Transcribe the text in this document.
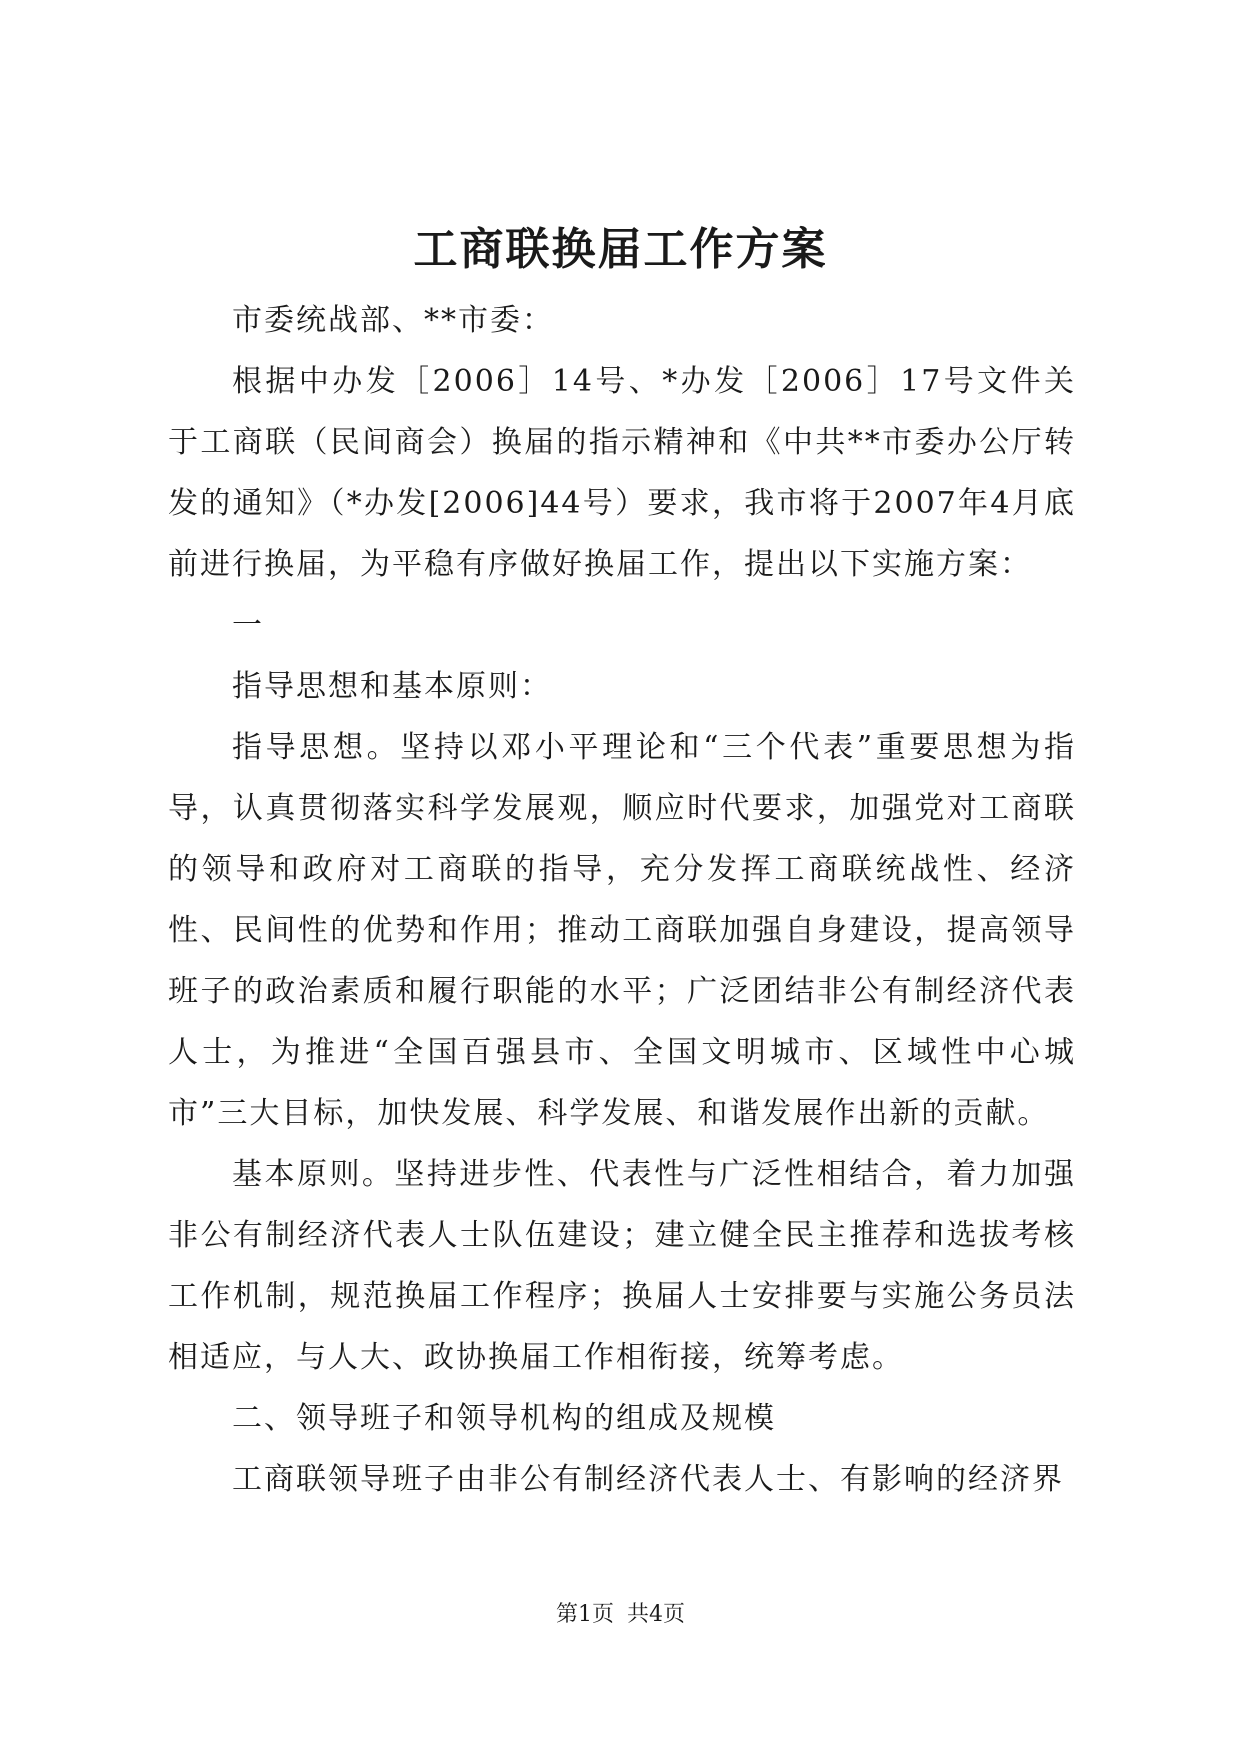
工商联换届工作方案

市委统战部、**市委：

根据中办发［2006］14号、*办发［2006］17号文件关于工商联（民间商会）换届的指示精神和《中共**市委办公厅转发的通知》（*办发[2006]44号）要求，我市将于2007年4月底前进行换届，为平稳有序做好换届工作，提出以下实施方案：

一

指导思想和基本原则：

指导思想。坚持以邓小平理论和“三个代表”重要思想为指导，认真贯彻落实科学发展观，顺应时代要求，加强党对工商联的领导和政府对工商联的指导，充分发挥工商联统战性、经济性、民间性的优势和作用；推动工商联加强自身建设，提高领导班子的政治素质和履行职能的水平；广泛团结非公有制经济代表人士，为推进“全国百强县市、全国文明城市、区域性中心城市”三大目标，加快发展、科学发展、和谐发展作出新的贡献。

基本原则。坚持进步性、代表性与广泛性相结合，着力加强非公有制经济代表人士队伍建设；建立健全民主推荐和选拔考核工作机制，规范换届工作程序；换届人士安排要与实施公务员法相适应，与人大、政协换届工作相衔接，统筹考虑。

二、领导班子和领导机构的组成及规模

工商联领导班子由非公有制经济代表人士、有影响的经济界

第1页 共4页
